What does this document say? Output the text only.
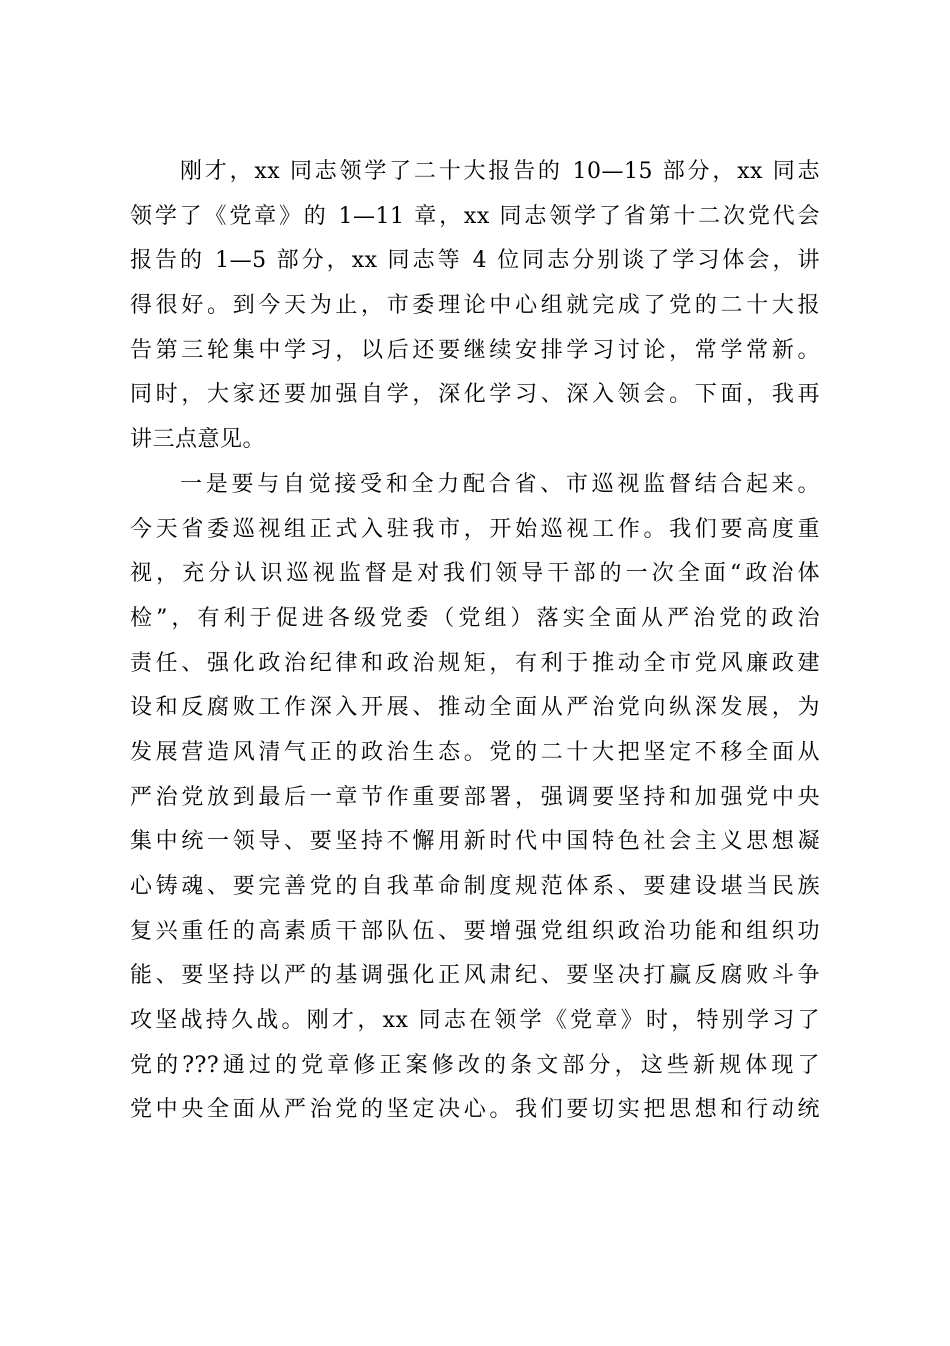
刚才，xx 同志领学了二十大报告的 10—15 部分，xx 同志
领学了《党章》的 1—11 章，xx 同志领学了省第十二次党代会
报告的 1—5 部分，xx 同志等 4 位同志分别谈了学习体会，讲
得很好。到今天为止，市委理论中心组就完成了党的二十大报
告第三轮集中学习，以后还要继续安排学习讨论，常学常新。
同时，大家还要加强自学，深化学习、深入领会。下面，我再
讲三点意见。
一是要与自觉接受和全力配合省、市巡视监督结合起来。
今天省委巡视组正式入驻我市，开始巡视工作。我们要高度重
视，充分认识巡视监督是对我们领导干部的一次全面“政治体
检”，有利于促进各级党委（党组）落实全面从严治党的政治
责任、强化政治纪律和政治规矩，有利于推动全市党风廉政建
设和反腐败工作深入开展、推动全面从严治党向纵深发展，为
发展营造风清气正的政治生态。党的二十大把坚定不移全面从
严治党放到最后一章节作重要部署，强调要坚持和加强党中央
集中统一领导、要坚持不懈用新时代中国特色社会主义思想凝
心铸魂、要完善党的自我革命制度规范体系、要建设堪当民族
复兴重任的高素质干部队伍、要增强党组织政治功能和组织功
能、要坚持以严的基调强化正风肃纪、要坚决打赢反腐败斗争
攻坚战持久战。刚才，xx 同志在领学《党章》时，特别学习了
党的???通过的党章修正案修改的条文部分，这些新规体现了
党中央全面从严治党的坚定决心。我们要切实把思想和行动统
